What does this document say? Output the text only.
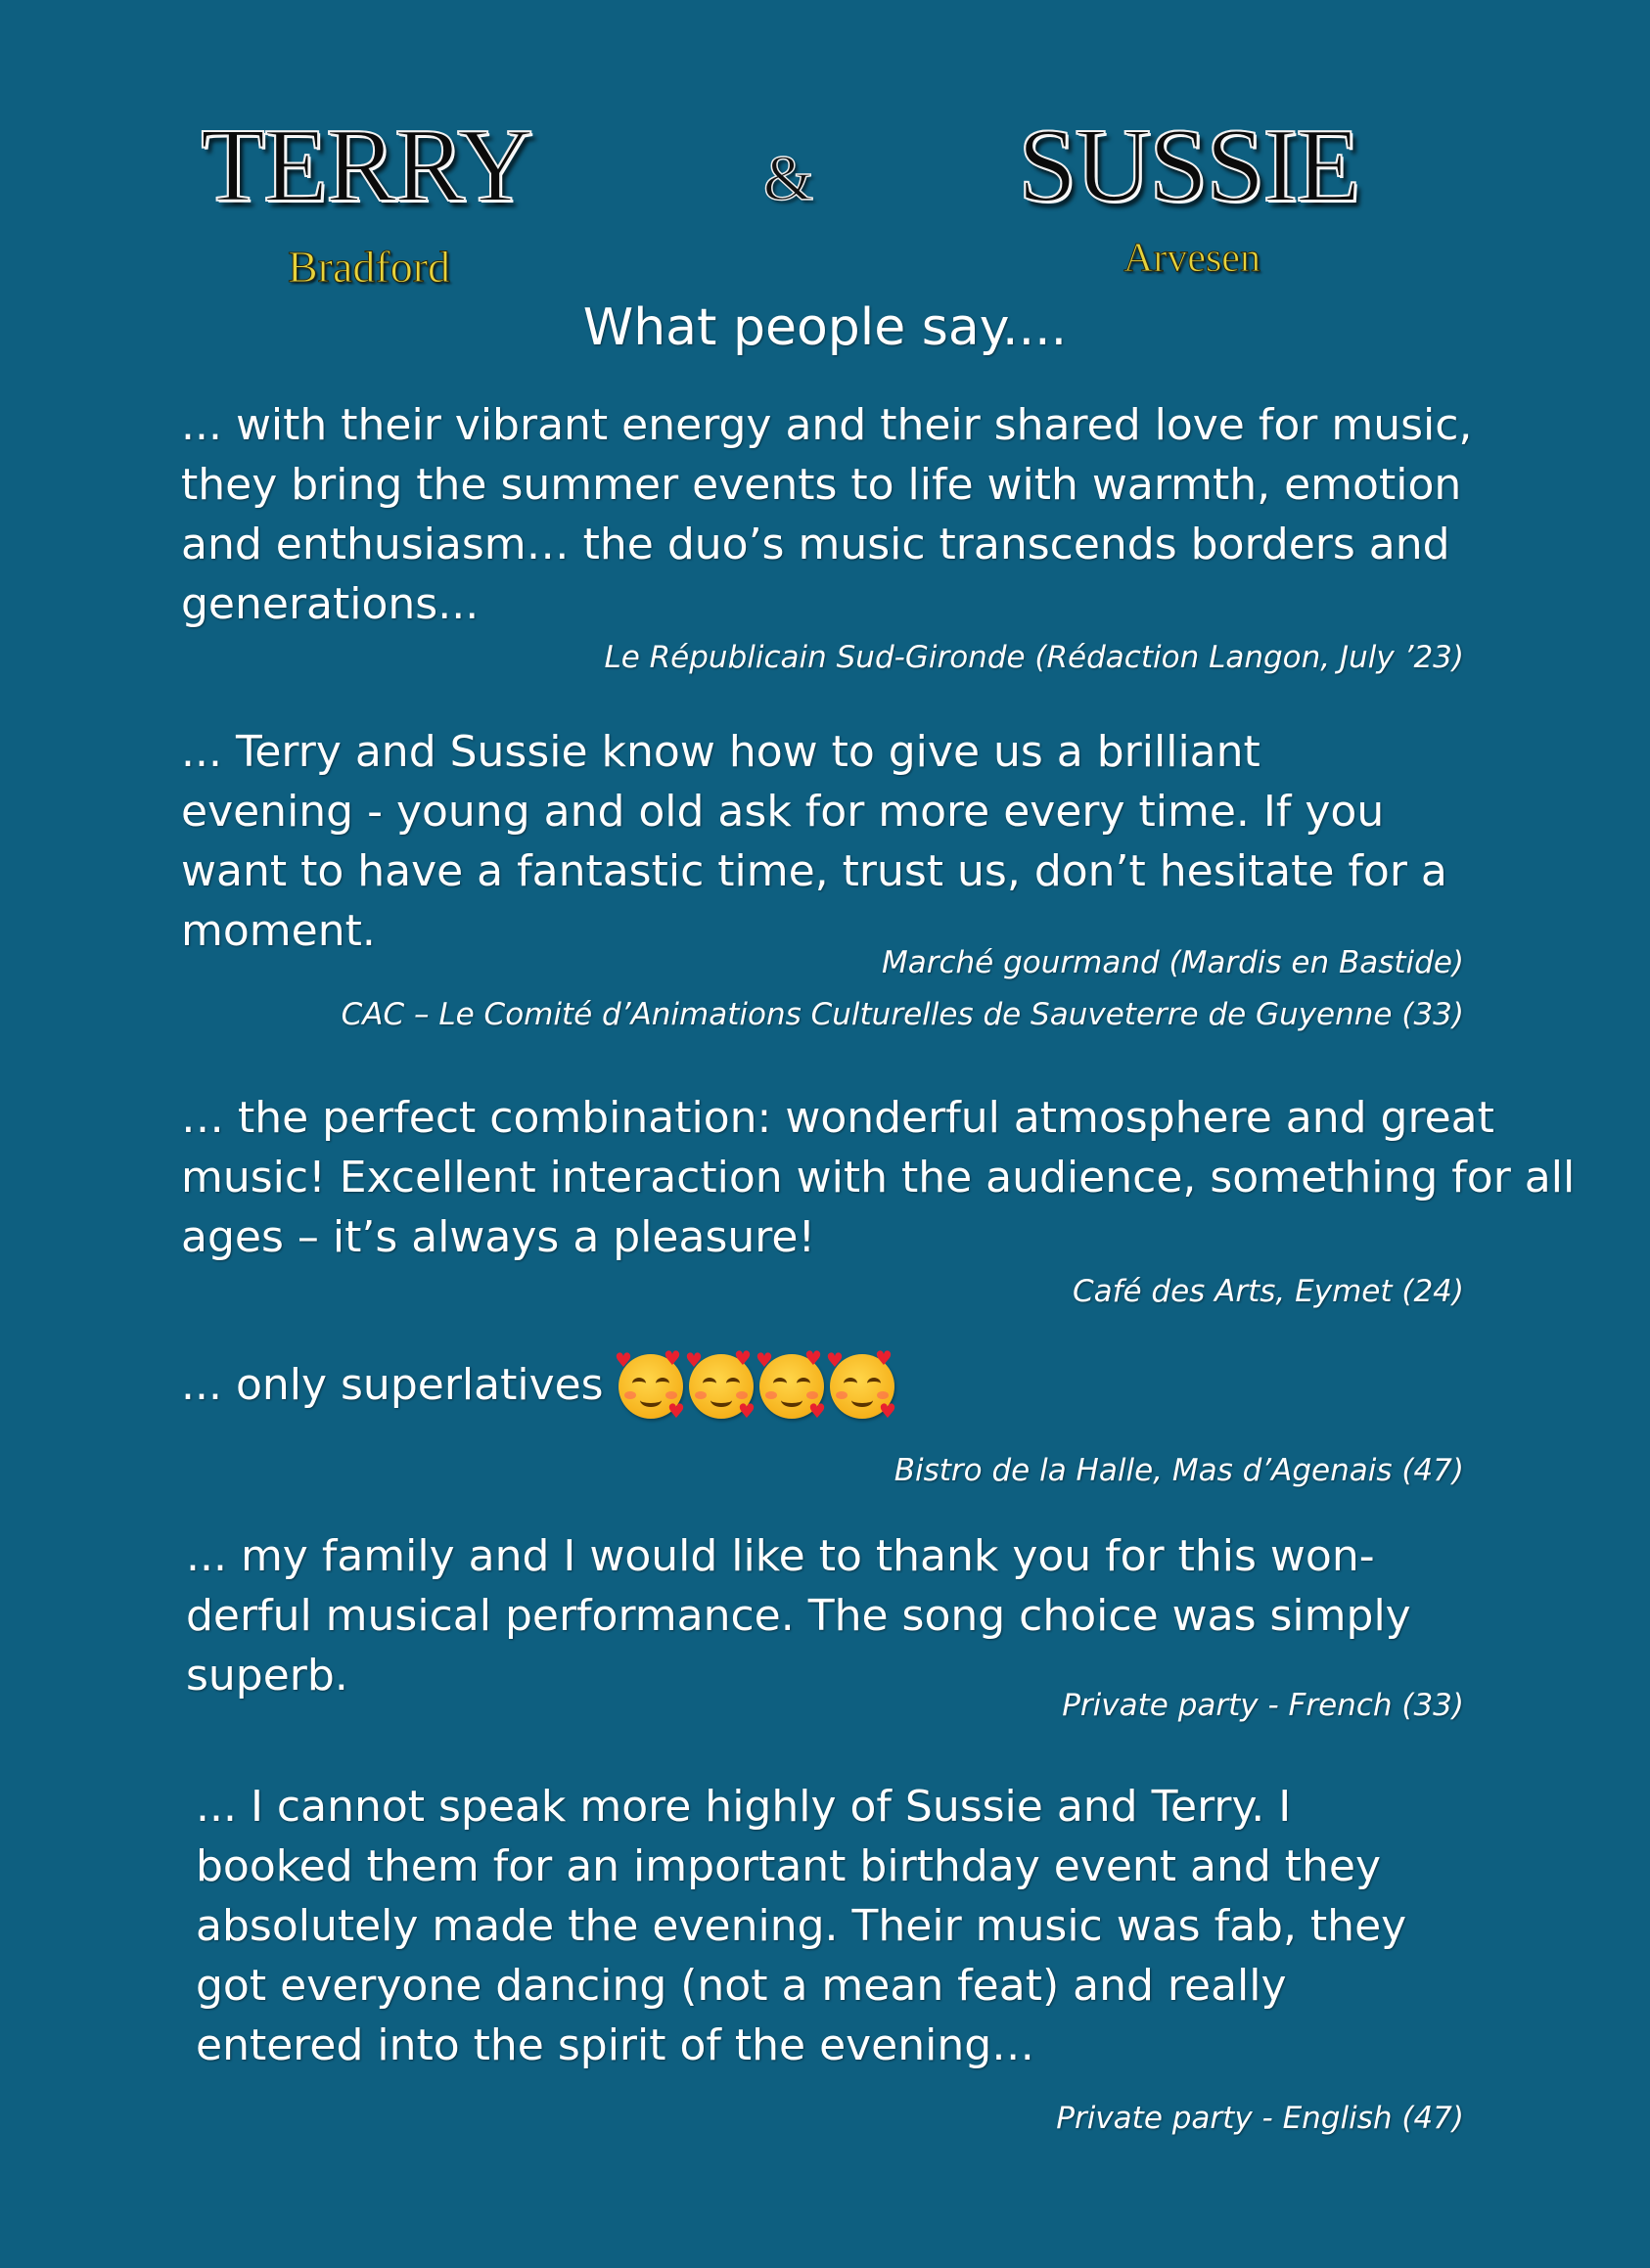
TERRY	& SUSSIE
Bradford	Arvesen
What people say....

... with their vibrant energy and their shared love for music,
they bring the summer events to life with warmth, emotion
and enthusiasm… the duo’s music transcends borders and
generations...

Le Républicain Sud-Gironde (Rédaction Langon, July ’23)

... Terry and Sussie know how to give us a brilliant
evening - young and old ask for more every time. If you
want to have a fantastic time, trust us, don’t hesitate for a
moment.

Marché gourmand (Mardis en Bastide)

CAC – Le Comité d’Animations Culturelles de Sauveterre de Guyenne (33)

… the perfect combination: wonderful atmosphere and great
music! Excellent interaction with the audience, something for all
ages – it’s always a pleasure!

Café des Arts, Eymet (24)

... only superlatives ♥ ♥
♥
♥ ♥
♥
♥ ♥
♥
♥ ♥
♥

Bistro de la Halle, Mas d’Agenais (47)

... my family and I would like to thank you for this won-
derful musical performance. The song choice was simply
superb.

Private party - French (33)

... I cannot speak more highly of Sussie and Terry. I
booked them for an important birthday event and they
absolutely made the evening. Their music was fab, they
got everyone dancing (not a mean feat) and really
entered into the spirit of the evening…

Private party - English (47)
